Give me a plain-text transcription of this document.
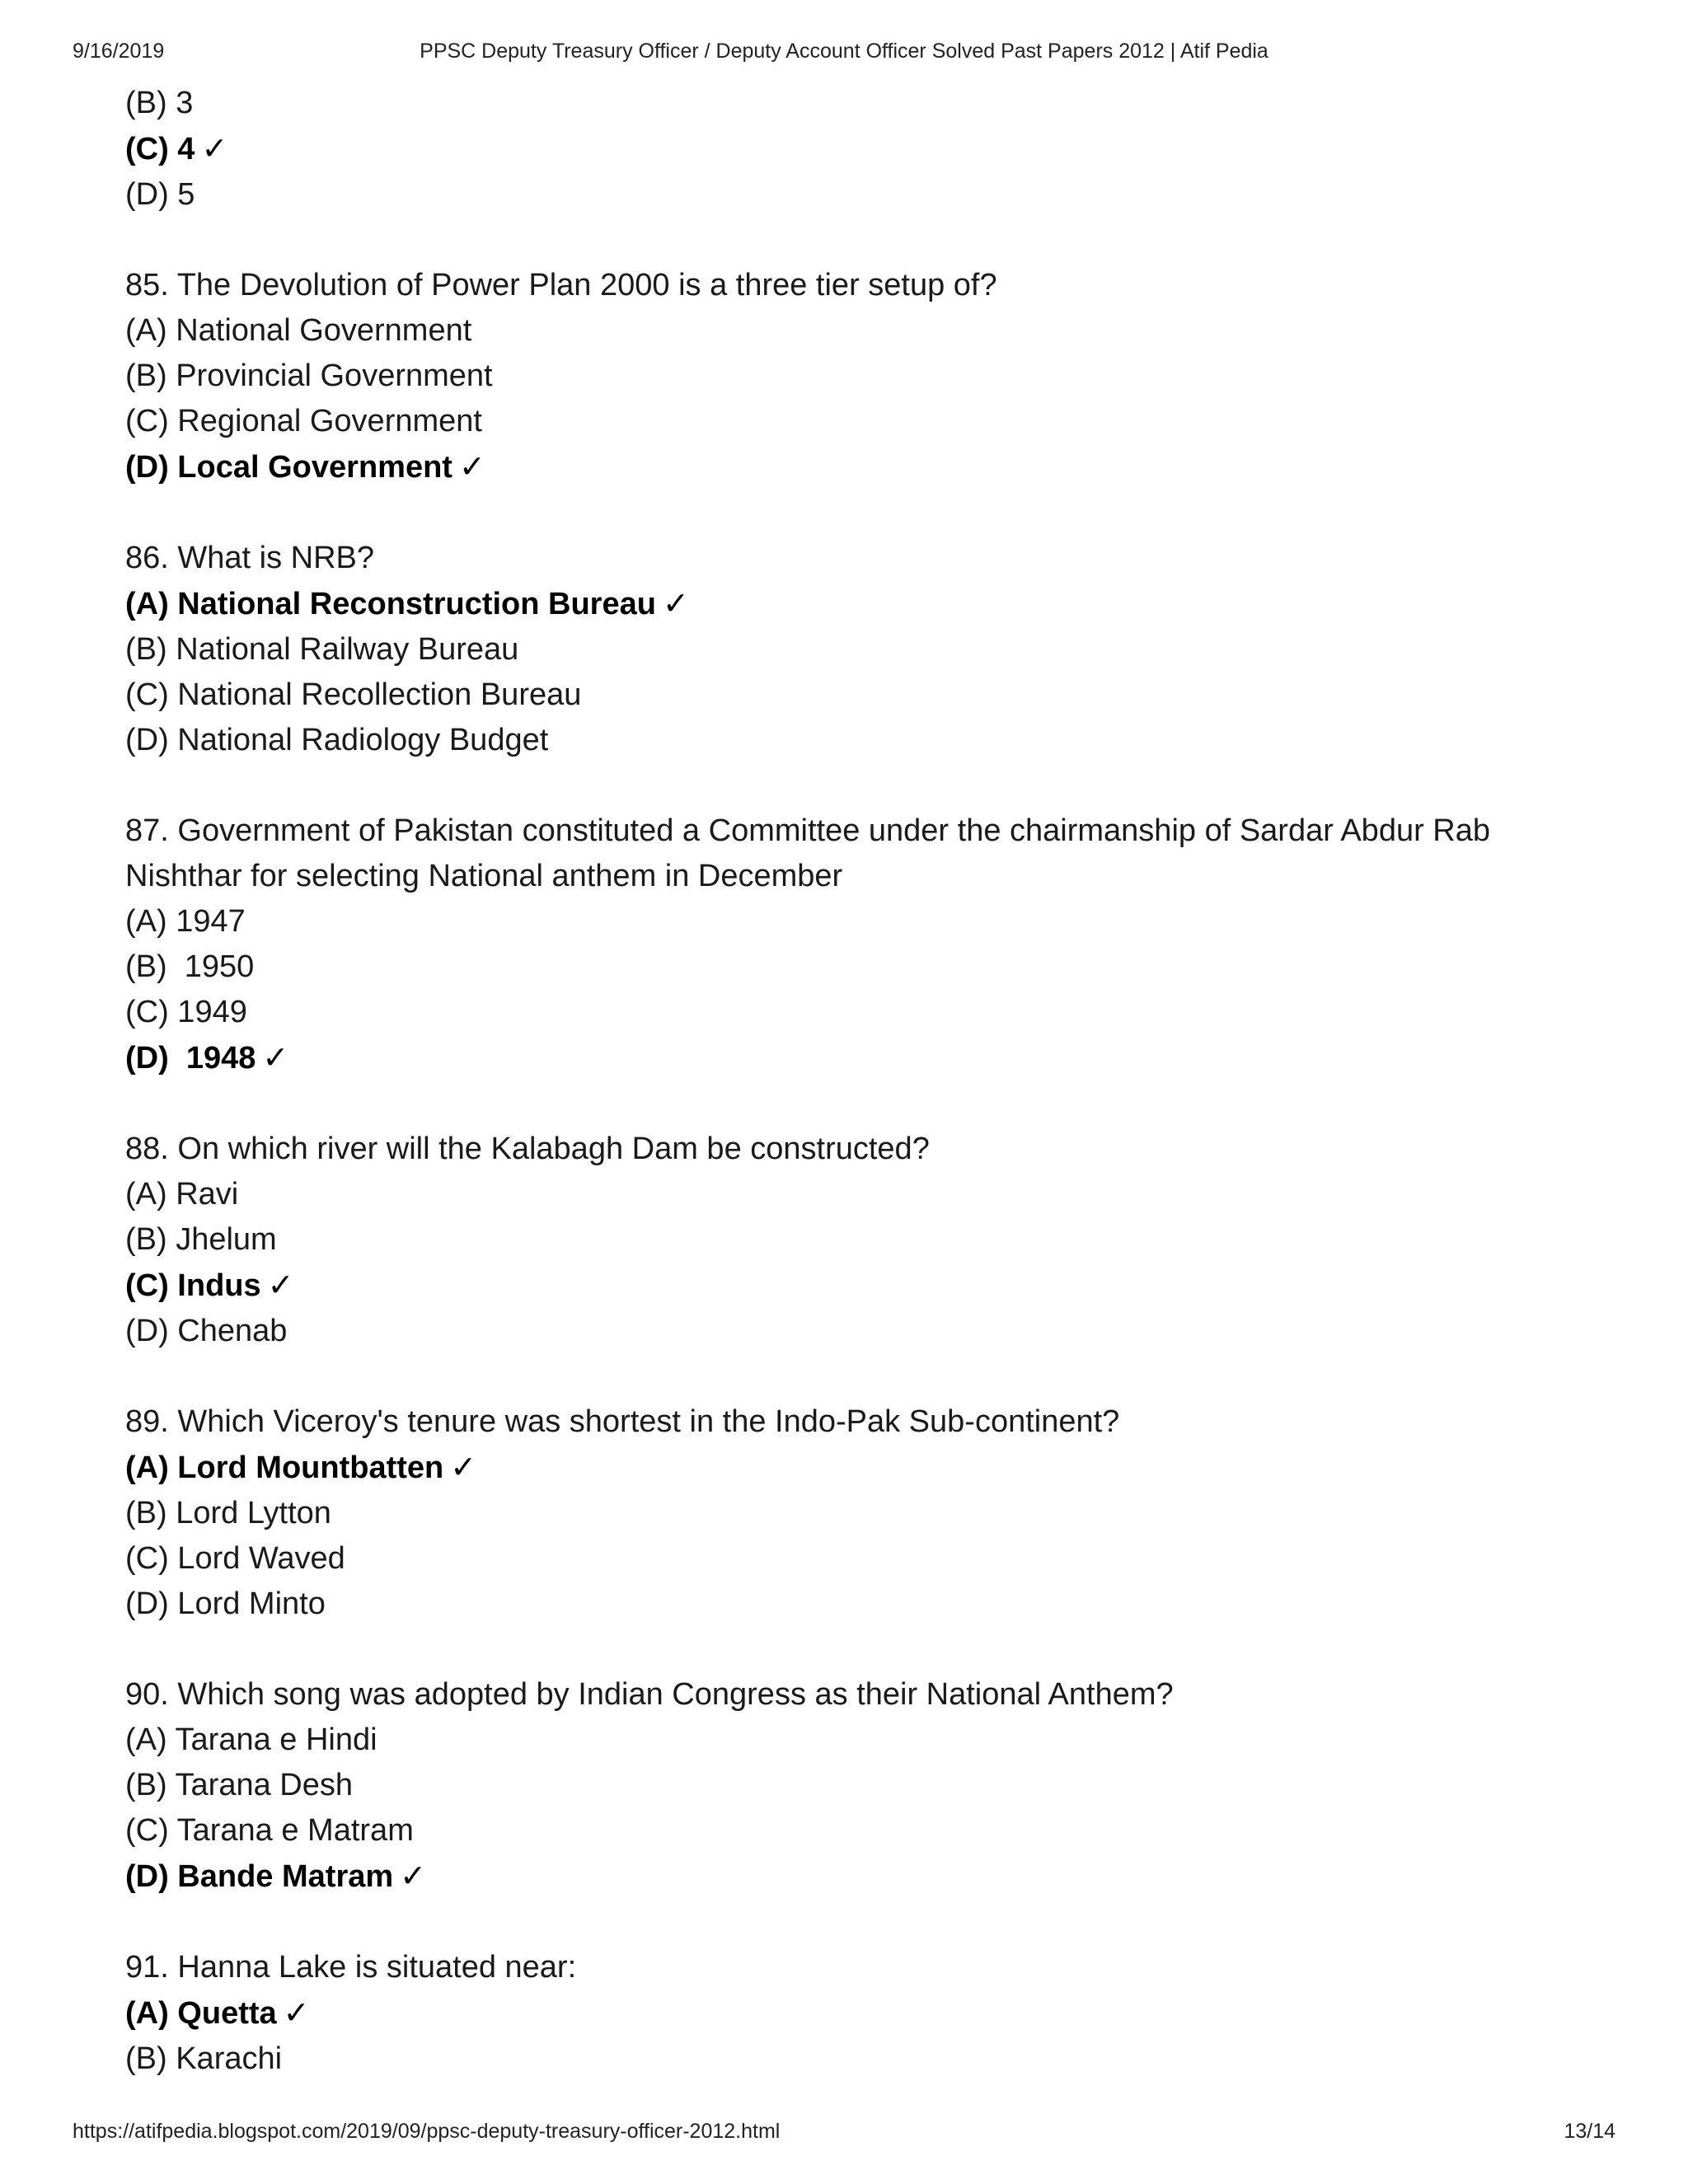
9/16/2019	PPSC Deputy Treasury Officer / Deputy Account Officer Solved Past Papers 2012 | Atif Pedia
(B) 3
(C) 4 ✓
(D) 5
85. The Devolution of Power Plan 2000 is a three tier setup of?
(A) National Government
(B) Provincial Government
(C) Regional Government
(D) Local Government ✓
86. What is NRB?
(A) National Reconstruction Bureau ✓
(B) National Railway Bureau
(C) National Recollection Bureau
(D) National Radiology Budget
87. Government of Pakistan constituted a Committee under the chairmanship of Sardar Abdur Rab
Nishthar for selecting National anthem in December
(A) 1947
(B)  1950
(C) 1949
(D)  1948 ✓
88. On which river will the Kalabagh Dam be constructed?
(A) Ravi
(B) Jhelum
(C) Indus ✓
(D) Chenab
89. Which Viceroy's tenure was shortest in the Indo-Pak Sub-continent?
(A) Lord Mountbatten ✓
(B) Lord Lytton
(C) Lord Waved
(D) Lord Minto
90. Which song was adopted by Indian Congress as their National Anthem?
(A) Tarana e Hindi
(B) Tarana Desh
(C) Tarana e Matram
(D) Bande Matram ✓
91. Hanna Lake is situated near:
(A) Quetta ✓
(B) Karachi
https://atifpedia.blogspot.com/2019/09/ppsc-deputy-treasury-officer-2012.html	13/14
